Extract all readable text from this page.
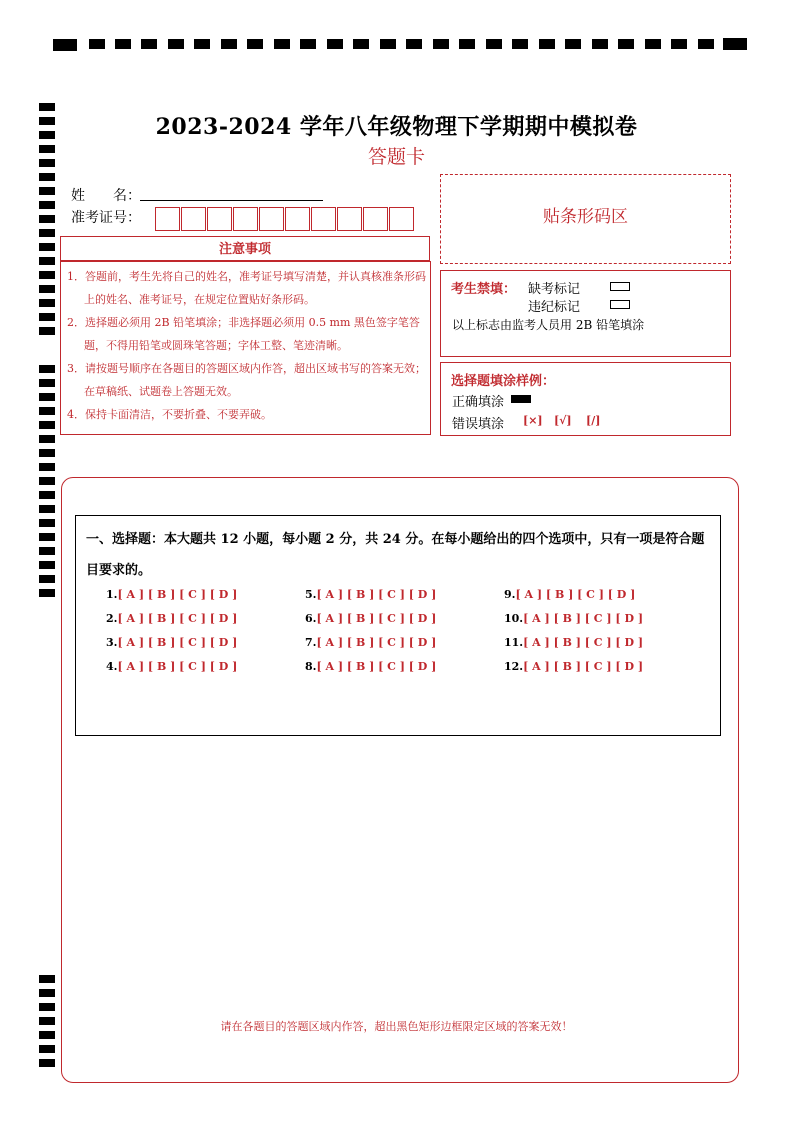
2023-2024 学年八年级物理下学期期中模拟卷
答题卡
姓　　名：
准考证号：
注意事项
1．答题前，考生先将自己的姓名，准考证号填写清楚，并认真核准条形码上的姓名、准考证号，在规定位置贴好条形码。
2．选择题必须用 2B 铅笔填涂；非选择题必须用 0.5 mm 黑色签字笔答题，不得用铅笔或圆珠笔答题；字体工整、笔迹清晰。
3．请按题号顺序在各题目的答题区域内作答，超出区域书写的答案无效；在草稿纸、试题卷上答题无效。
4．保持卡面清洁，不要折叠、不要弄破。
贴条形码区
考生禁填： 缺考标记
违纪标记
以上标志由监考人员用 2B 铅笔填涂
选择题填涂样例：
正确填涂
错误填涂 [×] [√] [/]
一、选择题：本大题共 12 小题，每小题 2 分，共 24 分。在每小题给出的四个选项中，只有一项是符合题目要求的。
1.[ A ] [ B ] [ C ] [ D ]
2.[ A ] [ B ] [ C ] [ D ]
3.[ A ] [ B ] [ C ] [ D ]
4.[ A ] [ B ] [ C ] [ D ]
5.[ A ] [ B ] [ C ] [ D ]
6.[ A ] [ B ] [ C ] [ D ]
7.[ A ] [ B ] [ C ] [ D ]
8.[ A ] [ B ] [ C ] [ D ]
9.[ A ] [ B ] [ C ] [ D ]
10.[ A ] [ B ] [ C ] [ D ]
11.[ A ] [ B ] [ C ] [ D ]
12.[ A ] [ B ] [ C ] [ D ]
请在各题目的答题区域内作答，超出黑色矩形边框限定区域的答案无效！
